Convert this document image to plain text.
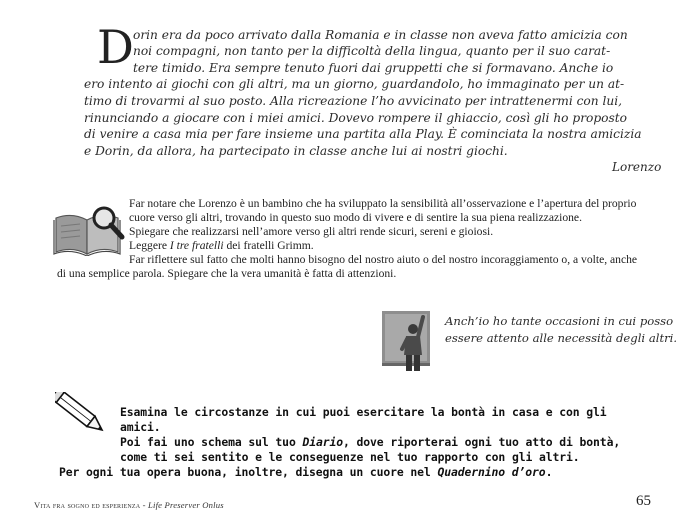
D orin era da poco arrivato dalla Romania e in classe non aveva fatto amicizia con
noi compagni, non tanto per la difficoltà della lingua, quanto per il suo carat-
tere timido. Era sempre tenuto fuori dai gruppetti che si formavano. Anche io
ero intento ai giochi con gli altri, ma un giorno, guardandolo, ho immaginato per un at-
timo di trovarmi al suo posto. Alla ricreazione l’ho avvicinato per intrattenermi con lui,
rinunciando a giocare con i miei amici. Dovevo rompere il ghiaccio, così gli ho proposto
di venire a casa mia per fare insieme una partita alla Play. È cominciata la nostra amicizia
e Dorin, da allora, ha partecipato in classe anche lui ai nostri giochi.
Lorenzo
Far notare che Lorenzo è un bambino che ha sviluppato la sensibilità all’osservazione e l’apertura del proprio
cuore verso gli altri, trovando in questo suo modo di vivere e di sentire la sua piena realizzazione.
Spiegare che realizzarsi nell’amore verso gli altri rende sicuri, sereni e gioiosi.
Leggere I tre fratelli dei fratelli Grimm.
Far riflettere sul fatto che molti hanno bisogno del nostro aiuto o del nostro incoraggiamento o, a volte, anche
di una semplice parola. Spiegare che la vera umanità è fatta di attenzioni.
Anch’io ho tante occasioni in cui posso
essere attento alle necessità degli altri.
Esamina le circostanze in cui puoi esercitare la bontà in casa e con gli
amici.
Poi fai uno schema sul tuo Diario, dove riporterai ogni tuo atto di bontà,
come ti sei sentito e le conseguenze nel tuo rapporto con gli altri.
Per ogni tua opera buona, inoltre, disegna un cuore nel Quadernino d’oro.
Vita fra sogno ed esperienza - Life Preserver Onlus	65
